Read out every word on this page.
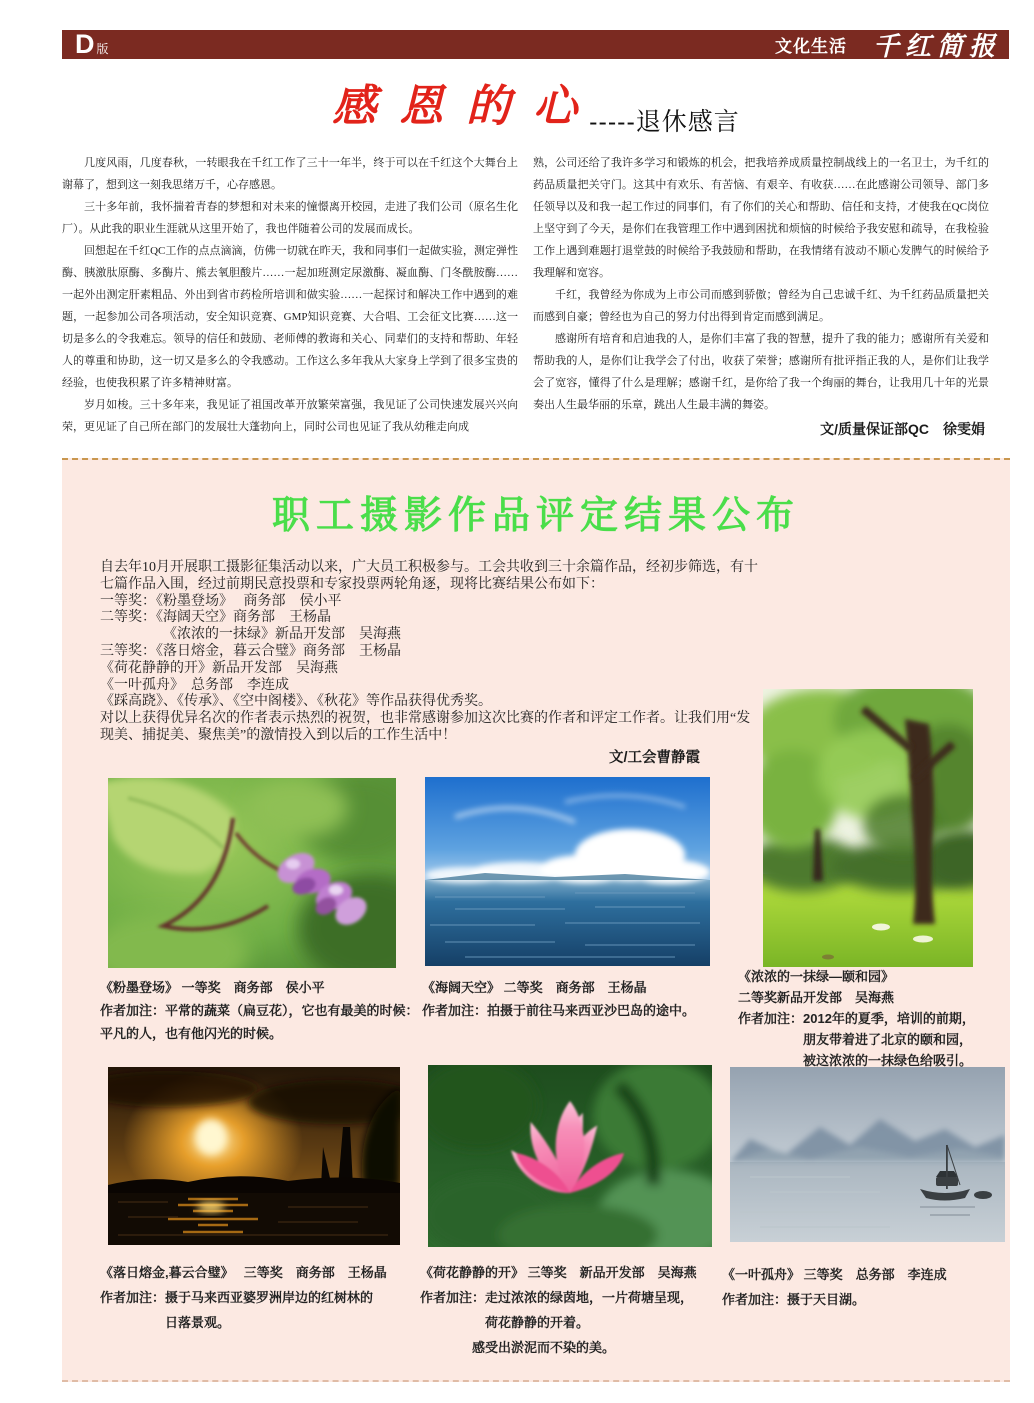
D 版	文化生活 千红简报
感 恩 的 心 -----退休感言

几度风雨，几度春秋，一转眼我在千红工作了三十一年半，终于可以在千红这个大舞台上谢幕了，想到这一刻我思绪万千，心存感恩。

三十多年前，我怀揣着青春的梦想和对未来的憧憬离开校园，走进了我们公司（原名生化厂）。从此我的职业生涯就从这里开始了，我也伴随着公司的发展而成长。

回想起在千红QC工作的点点滴滴，仿佛一切就在昨天，我和同事们一起做实验，测定弹性酶、胰激肽原酶、多酶片、熊去氧胆酸片……一起加班测定尿激酶、凝血酶、门冬酰胺酶……一起外出测定肝素粗品、外出到省市药检所培训和做实验……一起探讨和解决工作中遇到的难题，一起参加公司各项活动，安全知识竞赛、GMP知识竞赛、大合唱、工会征文比赛……这一切是多么的令我难忘。领导的信任和鼓励、老师傅的教诲和关心、同辈们的支持和帮助、年轻人的尊重和协助，这一切又是多么的令我感动。工作这么多年我从大家身上学到了很多宝贵的经验，也使我积累了许多精神财富。

岁月如梭。三十多年来，我见证了祖国改革开放繁荣富强，我见证了公司快速发展兴兴向荣，更见证了自己所在部门的发展壮大蓬勃向上，同时公司也见证了我从幼稚走向成

熟，公司还给了我许多学习和锻炼的机会，把我培养成质量控制战线上的一名卫士，为千红的药品质量把关守门。这其中有欢乐、有苦恼、有艰辛、有收获……在此感谢公司领导、部门多任领导以及和我一起工作过的同事们，有了你们的关心和帮助、信任和支持，才使我在QC岗位上坚守到了今天，是你们在我管理工作中遇到困扰和烦恼的时候给予我安慰和疏导，在我检验工作上遇到难题打退堂鼓的时候给予我鼓励和帮助，在我情绪有波动不顺心发脾气的时候给予我理解和宽容。

千红，我曾经为你成为上市公司而感到骄傲；曾经为自己忠诚千红、为千红药品质量把关而感到自豪；曾经也为自己的努力付出得到肯定而感到满足。

感谢所有培育和启迪我的人，是你们丰富了我的智慧，提升了我的能力；感谢所有关爱和帮助我的人，是你们让我学会了付出，收获了荣誉；感谢所有批评指正我的人，是你们让我学会了宽容，懂得了什么是理解；感谢千红，是你给了我一个绚丽的舞台，让我用几十年的光景奏出人生最华丽的乐章，跳出人生最丰满的舞姿。

文/质量保证部QC　徐雯娟
职工摄影作品评定结果公布
自去年10月开展职工摄影征集活动以来，广大员工积极参与。工会共收到三十余篇作品，经初步筛选，有十
七篇作品入围，经过前期民意投票和专家投票两轮角逐，现将比赛结果公布如下：
一等奖：《粉墨登场》　 商务部　侯小平
二等奖：《海阔天空》商务部　王杨晶
　　　　　《浓浓的一抹绿》新品开发部　吴海燕
三等奖：《落日熔金，暮云合璧》商务部　王杨晶
《荷花静静的开》新品开发部　吴海燕
《一叶孤舟》　总务部　李连成
《踩高跷》、《传承》、《空中阁楼》、《秋花》等作品获得优秀奖。
对以上获得优异名次的作者表示热烈的祝贺，也非常感谢参加这次比赛的作者和评定工作者。让我们用“发
现美、捕捉美、聚焦美”的激情投入到以后的工作生活中！
文/工会曹静霞
《粉墨登场》 一等奖　商务部　侯小平
作者加注：平常的蔬菜（扁豆花），它也有最美的时候：
平凡的人，也有他闪光的时候。
《海阔天空》 二等奖　商务部　王杨晶
作者加注：拍摄于前往马来西亚沙巴岛的途中。
《浓浓的一抹绿—颐和园》
二等奖新品开发部　吴海燕
作者加注：2012年的夏季，培训的前期，
　　　　　朋友带着进了北京的颐和园，
　　　　　被这浓浓的一抹绿色给吸引。
《落日熔金,暮云合璧》　 三等奖　商务部　王杨晶
作者加注：摄于马来西亚婆罗洲岸边的红树林的
　　　　　日落景观。
《荷花静静的开》 三等奖　新品开发部　吴海燕
作者加注：走过浓浓的绿茵地，一片荷塘呈现，
　　　　　荷花静静的开着。
　　　　感受出淤泥而不染的美。
《一叶孤舟》 三等奖　总务部　李连成
作者加注：摄于天目湖。
